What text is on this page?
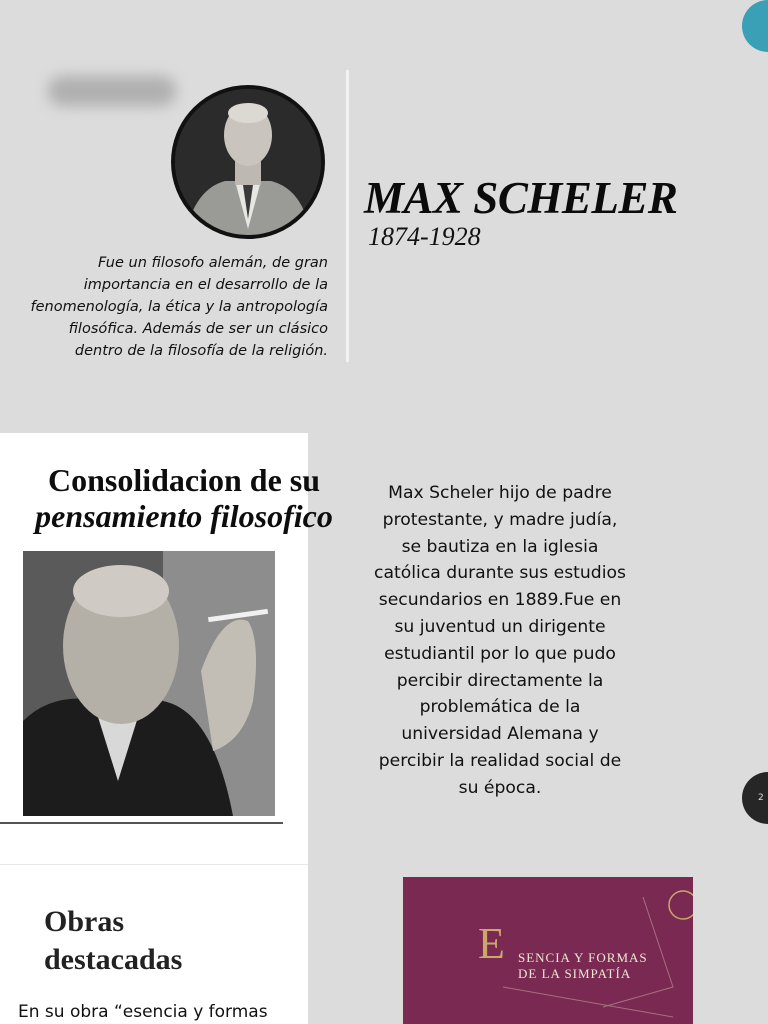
MAX SCHELER
1874-1928

Fue un filosofo alemán, de gran importancia en el desarrollo de la fenomenología, la ética y la antropología filosófica. Además de ser un clásico dentro de la filosofía de la religión.

Consolidacion de su
pensamiento filosofico
Obras
destacadas

En su obra “esencia y formas

Max Scheler hijo de padre protestante, y madre judía, se bautiza en la iglesia católica durante sus estudios secundarios en 1889.Fue en su juventud un dirigente estudiantil por lo que pudo percibir directamente la problemática de la universidad Alemana y percibir la realidad social de su época.

2
E SENCIA Y FORMAS
DE LA SIMPATÍA
